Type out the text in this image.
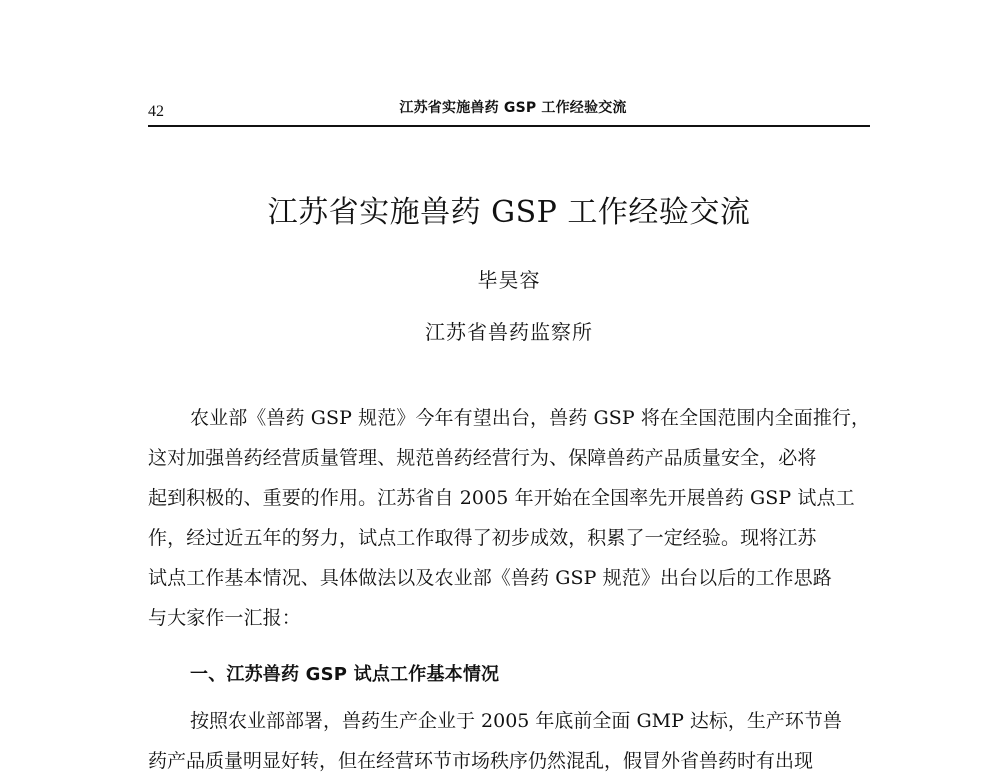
42	江苏省实施兽药 GSP 工作经验交流
江苏省实施兽药 GSP 工作经验交流
毕昊容
江苏省兽药监察所
农业部《兽药 GSP 规范》今年有望出台，兽药 GSP 将在全国范围内全面推行，
这对加强兽药经营质量管理、规范兽药经营行为、保障兽药产品质量安全，必将
起到积极的、重要的作用。江苏省自 2005 年开始在全国率先开展兽药 GSP 试点工
作，经过近五年的努力，试点工作取得了初步成效，积累了一定经验。现将江苏
试点工作基本情况、具体做法以及农业部《兽药 GSP 规范》出台以后的工作思路
与大家作一汇报：
一、江苏兽药 GSP 试点工作基本情况
按照农业部部署，兽药生产企业于 2005 年底前全面 GMP 达标，生产环节兽
药产品质量明显好转，但在经营环节市场秩序仍然混乱，假冒外省兽药时有出现
